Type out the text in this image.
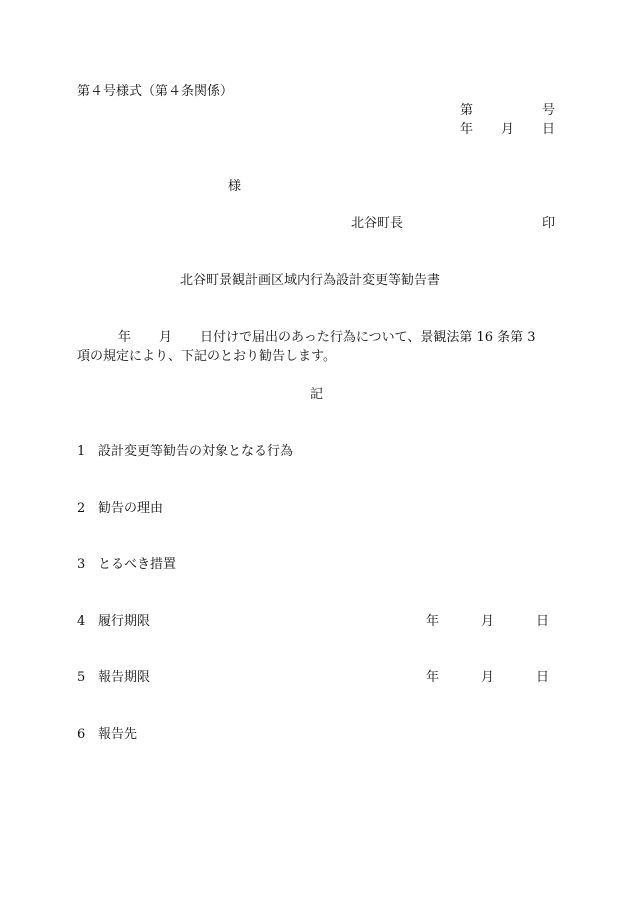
第４号様式（第４条関係）
第	号
年 月 日
様
北谷町長	印
北谷町景観計画区域内行為設計変更等勧告書
年 月 日付けで届出のあった行為について、景観法第 16 条第 3
項の規定により、下記のとおり勧告します。
記
1 設計変更等勧告の対象となる行為
2 勧告の理由
3 とるべき措置
4 履行期限	年	月	日
5 報告期限	年	月	日
6 報告先
